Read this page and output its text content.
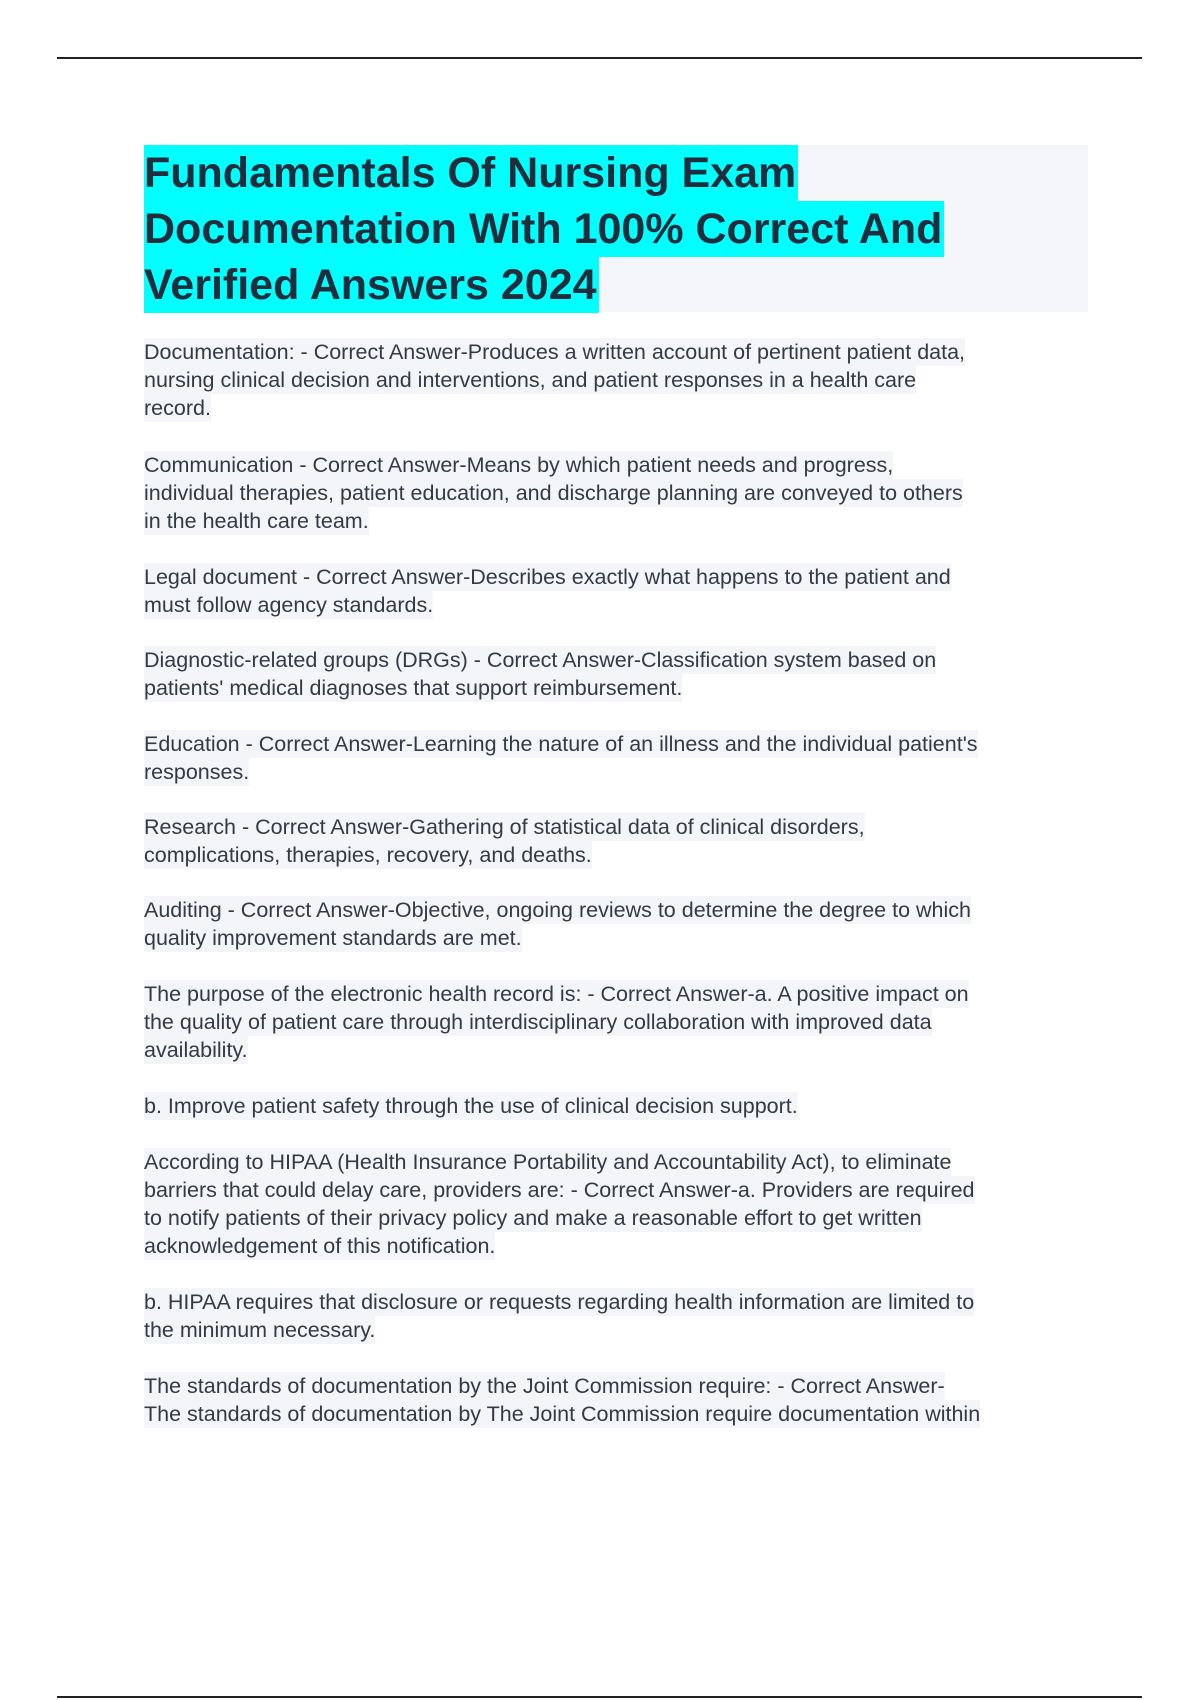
Fundamentals Of Nursing Exam
Documentation With 100% Correct And
Verified Answers 2024
Documentation: - Correct Answer-Produces a written account of pertinent patient data,
nursing clinical decision and interventions, and patient responses in a health care
record.
Communication - Correct Answer-Means by which patient needs and progress,
individual therapies, patient education, and discharge planning are conveyed to others
in the health care team.
Legal document - Correct Answer-Describes exactly what happens to the patient and
must follow agency standards.
Diagnostic-related groups (DRGs) - Correct Answer-Classification system based on
patients' medical diagnoses that support reimbursement.
Education - Correct Answer-Learning the nature of an illness and the individual patient's
responses.
Research - Correct Answer-Gathering of statistical data of clinical disorders,
complications, therapies, recovery, and deaths.
Auditing - Correct Answer-Objective, ongoing reviews to determine the degree to which
quality improvement standards are met.
The purpose of the electronic health record is: - Correct Answer-a. A positive impact on
the quality of patient care through interdisciplinary collaboration with improved data
availability.
b. Improve patient safety through the use of clinical decision support.
According to HIPAA (Health Insurance Portability and Accountability Act), to eliminate
barriers that could delay care, providers are: - Correct Answer-a. Providers are required
to notify patients of their privacy policy and make a reasonable effort to get written
acknowledgement of this notification.
b. HIPAA requires that disclosure or requests regarding health information are limited to
the minimum necessary.
The standards of documentation by the Joint Commission require: - Correct Answer-
The standards of documentation by The Joint Commission require documentation within
